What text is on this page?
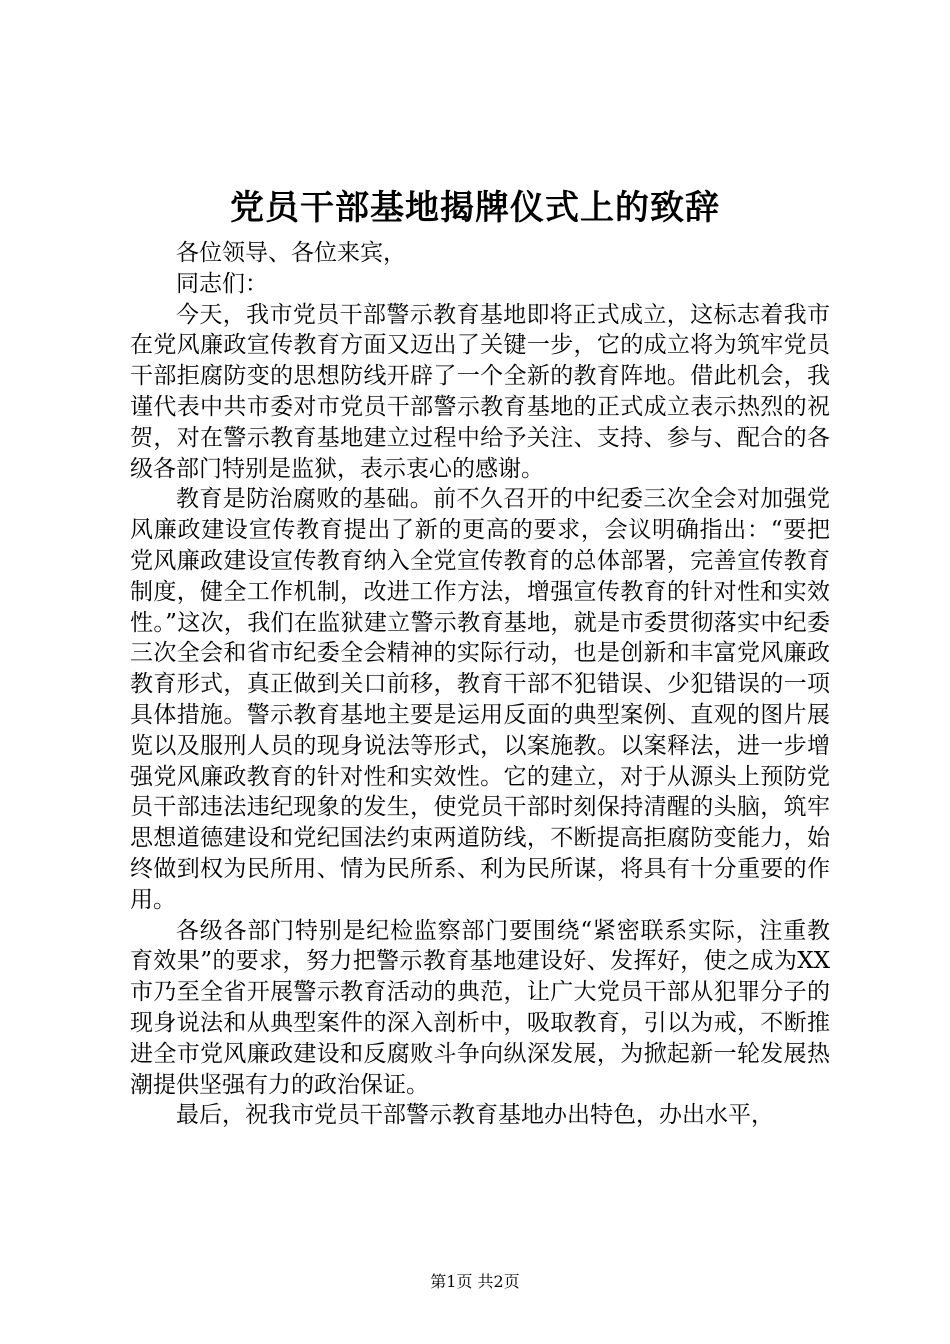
党员干部基地揭牌仪式上的致辞

各位领导、各位来宾，

同志们：

今天，我市党员干部警示教育基地即将正式成立，这标志着我市在党风廉政宣传教育方面又迈出了关键一步，它的成立将为筑牢党员干部拒腐防变的思想防线开辟了一个全新的教育阵地。借此机会，我谨代表中共市委对市党员干部警示教育基地的正式成立表示热烈的祝贺，对在警示教育基地建立过程中给予关注、支持、参与、配合的各级各部门特别是监狱，表示衷心的感谢。

教育是防治腐败的基础。前不久召开的中纪委三次全会对加强党风廉政建设宣传教育提出了新的更高的要求，会议明确指出：“要把党风廉政建设宣传教育纳入全党宣传教育的总体部署，完善宣传教育制度，健全工作机制，改进工作方法，增强宣传教育的针对性和实效性。”这次，我们在监狱建立警示教育基地，就是市委贯彻落实中纪委三次全会和省市纪委全会精神的实际行动，也是创新和丰富党风廉政教育形式，真正做到关口前移，教育干部不犯错误、少犯错误的一项具体措施。警示教育基地主要是运用反面的典型案例、直观的图片展览以及服刑人员的现身说法等形式，以案施教。以案释法，进一步增强党风廉政教育的针对性和实效性。它的建立，对于从源头上预防党员干部违法违纪现象的发生，使党员干部时刻保持清醒的头脑，筑牢思想道德建设和党纪国法约束两道防线，不断提高拒腐防变能力，始终做到权为民所用、情为民所系、利为民所谋，将具有十分重要的作用。

各级各部门特别是纪检监察部门要围绕“紧密联系实际，注重教育效果”的要求，努力把警示教育基地建设好、发挥好，使之成为XX市乃至全省开展警示教育活动的典范，让广大党员干部从犯罪分子的现身说法和从典型案件的深入剖析中，吸取教育，引以为戒，不断推进全市党风廉政建设和反腐败斗争向纵深发展，为掀起新一轮发展热潮提供坚强有力的政治保证。

最后，祝我市党员干部警示教育基地办出特色，办出水平，

第1页 共2页
